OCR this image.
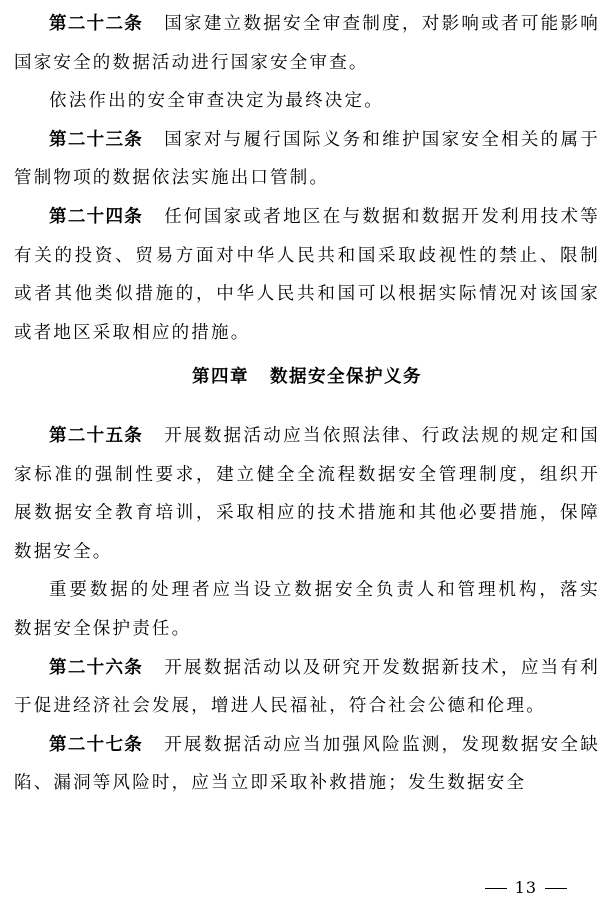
第二十二条 国家建立数据安全审查制度，对影响或者可能影响国家安全的数据活动进行国家安全审查。

依法作出的安全审查决定为最终决定。

第二十三条 国家对与履行国际义务和维护国家安全相关的属于管制物项的数据依法实施出口管制。

第二十四条 任何国家或者地区在与数据和数据开发利用技术等有关的投资、贸易方面对中华人民共和国采取歧视性的禁止、限制或者其他类似措施的，中华人民共和国可以根据实际情况对该国家或者地区采取相应的措施。

第四章 数据安全保护义务

第二十五条 开展数据活动应当依照法律、行政法规的规定和国家标准的强制性要求，建立健全全流程数据安全管理制度，组织开展数据安全教育培训，采取相应的技术措施和其他必要措施，保障数据安全。

重要数据的处理者应当设立数据安全负责人和管理机构，落实数据安全保护责任。

第二十六条 开展数据活动以及研究开发数据新技术，应当有利于促进经济社会发展，增进人民福祉，符合社会公德和伦理。

第二十七条 开展数据活动应当加强风险监测，发现数据安全缺陷、漏洞等风险时，应当立即采取补救措施；发生数据安全

13
